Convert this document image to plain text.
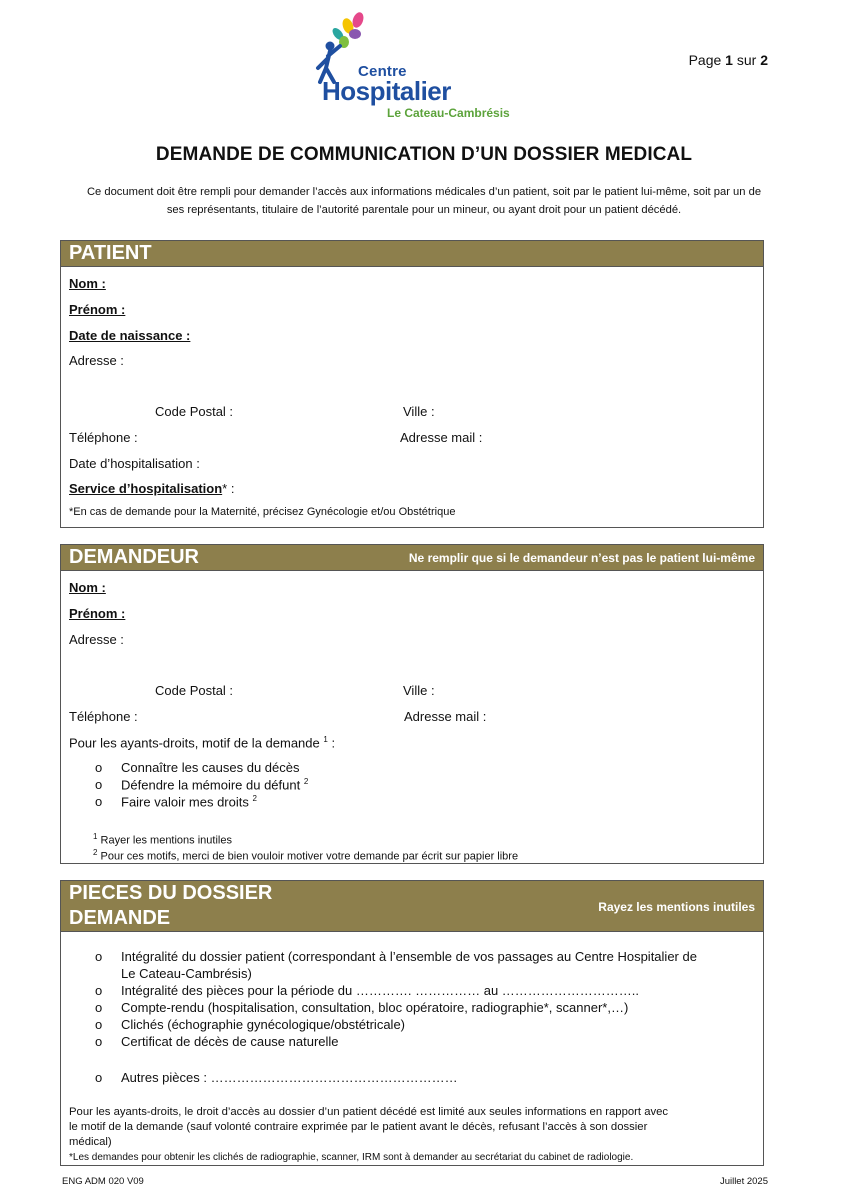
Centre
Hospitalier
Le Cateau-Cambrésis
Page 1 sur 2
DEMANDE DE COMMUNICATION D’UN DOSSIER MEDICAL
Ce document doit être rempli pour demander l’accès aux informations médicales d’un patient, soit par le patient lui-même, soit par un de
ses représentants, titulaire de l’autorité parentale pour un mineur, ou ayant droit pour un patient décédé.
PATIENT
Nom :
Prénom :
Date de naissance :
Adresse :
Code Postal :	Ville :
Téléphone :	Adresse mail :
Date d’hospitalisation :
Service d’hospitalisation* :
*En cas de demande pour la Maternité, précisez Gynécologie et/ou Obstétrique
DEMANDEUR	Ne remplir que si le demandeur n’est pas le patient lui-même
Nom :
Prénom :
Adresse :
Code Postal :	Ville :
Téléphone :	Adresse mail :
Pour les ayants-droits, motif de la demande $^1$ :
o Connaître les causes du décès
o Défendre la mémoire du défunt $^2$
o Faire valoir mes droits $^2$
$^1$ Rayer les mentions inutiles
$^2$ Pour ces motifs, merci de bien vouloir motiver votre demande par écrit sur papier libre
PIECES DU DOSSIER
DEMANDE	Rayez les mentions inutiles
o Intégralité du dossier patient (correspondant à l’ensemble de vos passages au Centre Hospitalier de
Le Cateau-Cambrésis)
o Intégralité des pièces pour la période du …………. …………… au …………………………..
o Compte-rendu (hospitalisation, consultation, bloc opératoire, radiographie*, scanner*,…)
o Clichés (échographie gynécologique/obstétricale)
o Certificat de décès de cause naturelle
o Autres pièces : …………………………………………………
Pour les ayants-droits, le droit d’accès au dossier d’un patient décédé est limité aux seules informations en rapport avec
le motif de la demande (sauf volonté contraire exprimée par le patient avant le décès, refusant l’accès à son dossier
médical)
*Les demandes pour obtenir les clichés de radiographie, scanner, IRM sont à demander au secrétariat du cabinet de radiologie.
ENG ADM 020 V09	Juillet 2025
